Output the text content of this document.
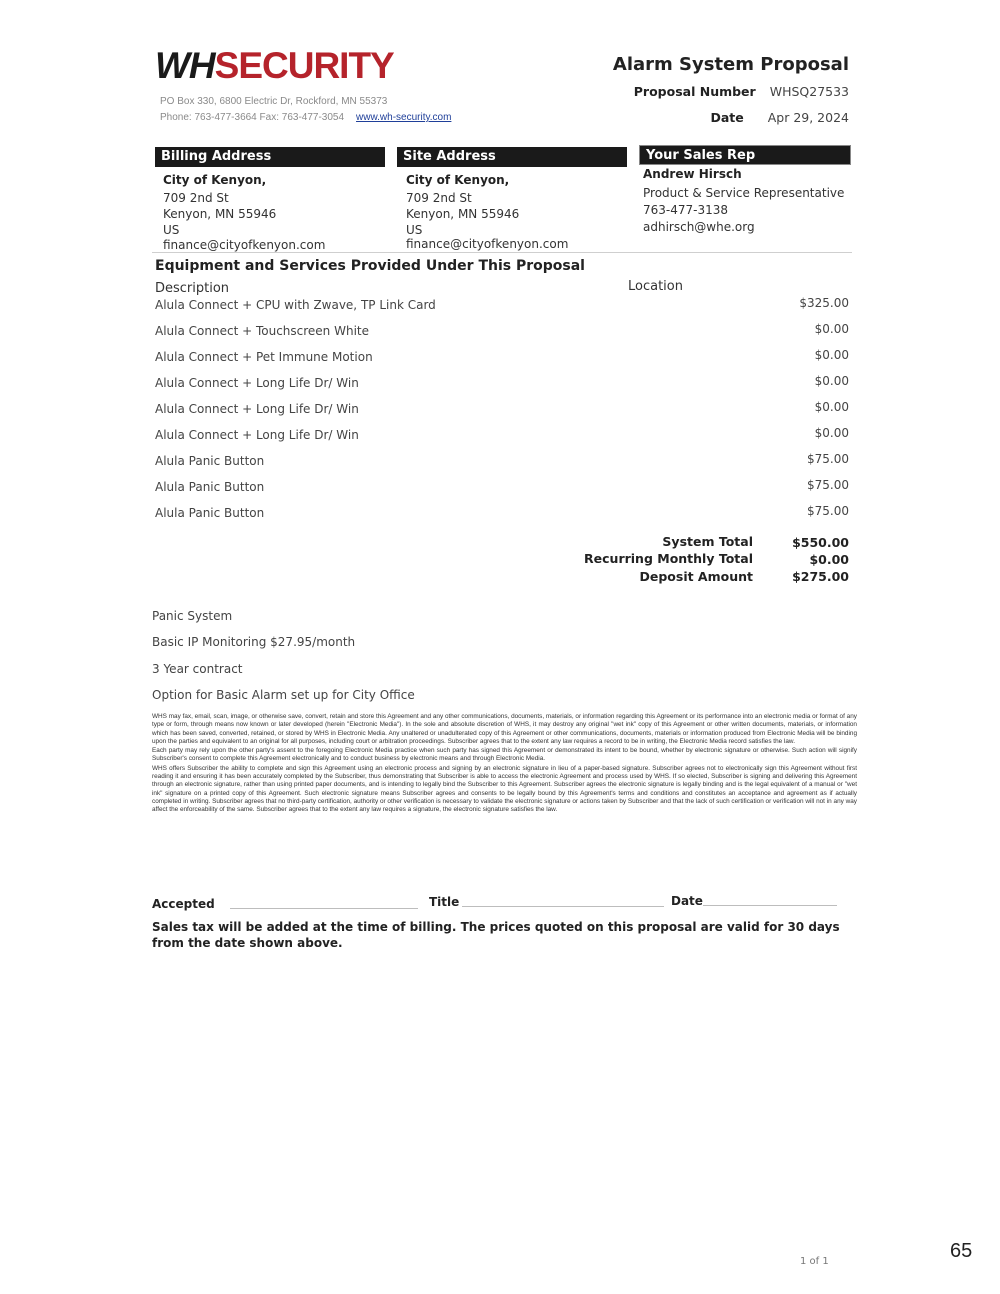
WHSECURITY
PO Box 330, 6800 Electric Dr, Rockford, MN 55373
Phone: 763-477-3664 Fax: 763-477-3054 www.wh-security.com
Alarm System Proposal
Proposal Number WHSQ27533
Date Apr 29, 2024
Billing Address
City of Kenyon,
709 2nd St
Kenyon, MN 55946
US
finance@cityofkenyon.com
Site Address
City of Kenyon,
709 2nd St
Kenyon, MN 55946
US
finance@cityofkenyon.com
Your Sales Rep
Andrew Hirsch
Product & Service Representative
763-477-3138
adhirsch@whe.org
Equipment and Services Provided Under This Proposal
Description	Location
Alula Connect + CPU with Zwave, TP Link Card	$325.00
Alula Connect + Touchscreen White	$0.00
Alula Connect + Pet Immune Motion	$0.00
Alula Connect + Long Life Dr/ Win	$0.00
Alula Connect + Long Life Dr/ Win	$0.00
Alula Connect + Long Life Dr/ Win	$0.00
Alula Panic Button	$75.00
Alula Panic Button	$75.00
Alula Panic Button	$75.00
System Total	$550.00
Recurring Monthly Total	$0.00
Deposit Amount	$275.00
Panic System
Basic IP Monitoring $27.95/month
3 Year contract
Option for Basic Alarm set up for City Office

WHS may fax, email, scan, image, or otherwise save, convert, retain and store this Agreement and any other communications, documents, materials, or information regarding this Agreement or its performance into an electronic media or format of any type or form, through means now known or later developed (herein "Electronic Media"). In the sole and absolute discretion of WHS, it may destroy any original "wet ink" copy of this Agreement or other written documents, materials, or information which has been saved, converted, retained, or stored by WHS in Electronic Media. Any unaltered or unadulterated copy of this Agreement or other communications, documents, materials or information produced from Electronic Media will be binding upon the parties and equivalent to an original for all purposes, including court or arbitration proceedings. Subscriber agrees that to the extent any law requires a record to be in writing, the Electronic Media record satisfies the law.

Each party may rely upon the other party's assent to the foregoing Electronic Media practice when such party has signed this Agreement or demonstrated its intent to be bound, whether by electronic signature or otherwise. Such action will signify Subscriber's consent to complete this Agreement electronically and to conduct business by electronic means and through Electronic Media.

WHS offers Subscriber the ability to complete and sign this Agreement using an electronic process and signing by an electronic signature in lieu of a paper-based signature. Subscriber agrees not to electronically sign this Agreement without first reading it and ensuring it has been accurately completed by the Subscriber, thus demonstrating that Subscriber is able to access the electronic Agreement and process used by WHS. If so elected, Subscriber is signing and delivering this Agreement through an electronic signature, rather than using printed paper documents, and is intending to legally bind the Subscriber to this Agreement. Subscriber agrees the electronic signature is legally binding and is the legal equivalent of a manual or "wet ink" signature on a printed copy of this Agreement. Such electronic signature means Subscriber agrees and consents to be legally bound by this Agreement's terms and conditions and constitutes an acceptance and agreement as if actually completed in writing. Subscriber agrees that no third-party certification, authority or other verification is necessary to validate the electronic signature or actions taken by Subscriber and that the lack of such certification or verification will not in any way affect the enforceability of the same. Subscriber agrees that to the extent any law requires a signature, the electronic signature satisfies the law.

Accepted	Title	Date
Sales tax will be added at the time of billing. The prices quoted on this proposal are valid for 30 days from the date shown above.
1 of 1	65
